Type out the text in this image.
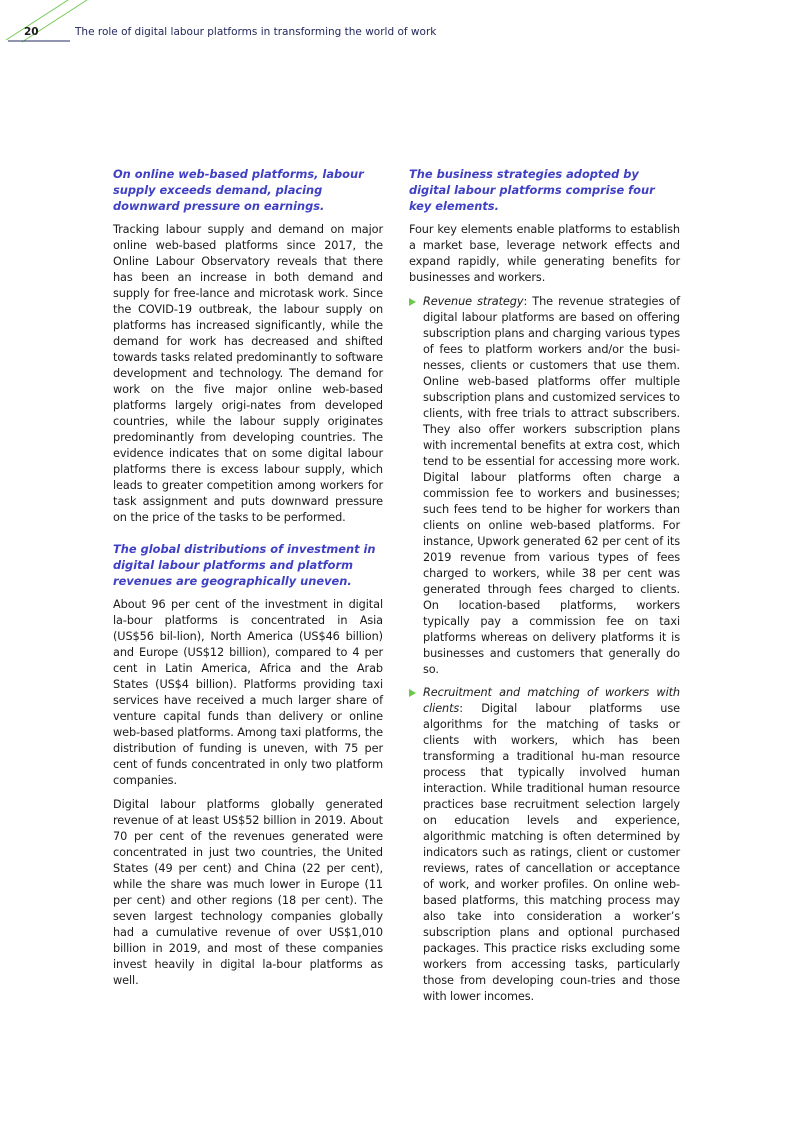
20	The role of digital labour platforms in transforming the world of work

On online web-based platforms, labour supply exceeds demand, placing downward pressure on earnings.

Tracking labour supply and demand on major online web-based platforms since 2017, the Online Labour Observatory reveals that there has been an increase in both demand and supply for free-lance and microtask work. Since the COVID-19 outbreak, the labour supply on platforms has increased significantly, while the demand for work has decreased and shifted towards tasks related predominantly to software development and technology. The demand for work on the five major online web-based platforms largely origi-nates from developed countries, while the labour supply originates predominantly from developing countries. The evidence indicates that on some digital labour platforms there is excess labour supply, which leads to greater competition among workers for task assignment and puts downward pressure on the price of the tasks to be performed.

The global distributions of investment in digital labour platforms and platform revenues are geographically uneven.

About 96 per cent of the investment in digital la-bour platforms is concentrated in Asia (US$56 bil-lion), North America (US$46 billion) and Europe (US$12 billion), compared to 4 per cent in Latin America, Africa and the Arab States (US$4 billion). Platforms providing taxi services have received a much larger share of venture capital funds than delivery or online web-based platforms. Among taxi platforms, the distribution of funding is uneven, with 75 per cent of funds concentrated in only two platform companies.

Digital labour platforms globally generated revenue of at least US$52 billion in 2019. About 70 per cent of the revenues generated were concentrated in just two countries, the United States (49 per cent) and China (22 per cent), while the share was much lower in Europe (11 per cent) and other regions (18 per cent). The seven largest technology companies globally had a cumulative revenue of over US$1,010 billion in 2019, and most of these companies invest heavily in digital la-bour platforms as well.

The business strategies adopted by digital labour platforms comprise four key elements.

Four key elements enable platforms to establish a market base, leverage network effects and expand rapidly, while generating benefits for businesses and workers.

Revenue strategy: The revenue strategies of digital labour platforms are based on offering subscription plans and charging various types of fees to platform workers and/or the busi-nesses, clients or customers that use them. Online web-based platforms offer multiple subscription plans and customized services to clients, with free trials to attract subscribers. They also offer workers subscription plans with incremental benefits at extra cost, which tend to be essential for accessing more work. Digital labour platforms often charge a commission fee to workers and businesses; such fees tend to be higher for workers than clients on online web-based platforms. For instance, Upwork generated 62 per cent of its 2019 revenue from various types of fees charged to workers, while 38 per cent was generated through fees charged to clients. On location-based platforms, workers typically pay a commission fee on taxi platforms whereas on delivery platforms it is businesses and customers that generally do so.
Recruitment and matching of workers with clients: Digital labour platforms use algorithms for the matching of tasks or clients with workers, which has been transforming a traditional hu-man resource process that typically involved human interaction. While traditional human resource practices base recruitment selection largely on education levels and experience, algorithmic matching is often determined by indicators such as ratings, client or customer reviews, rates of cancellation or acceptance of work, and worker profiles. On online web-based platforms, this matching process may also take into consideration a worker’s subscription plans and optional purchased packages. This practice risks excluding some workers from accessing tasks, particularly those from developing coun-tries and those with lower incomes.
